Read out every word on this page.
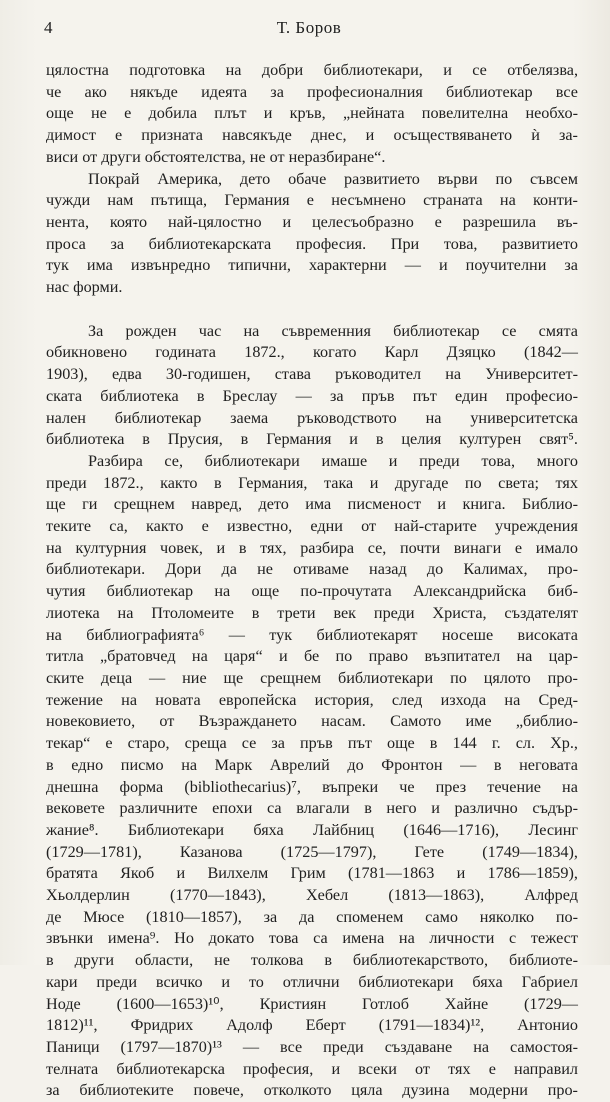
4	Т. Боров
цялостна подготовка на добри библиотекари, и се отбелязва,
че ако някъде идеята за професионалния библиотекар все
още не е добила плът и кръв, „нейната повелителна необхо-
димост е призната навсякъде днес, и осъществяването ѝ за-
виси
от
други
обстоятелства,
не
от
неразбиране“.
Покрай Америка, дето обаче развитието върви по съвсем
чужди нам пътища, Германия е несъмнено страната на конти-
нента, която най-цялостно и целесъобразно е разрешила въ-
проса за библиотекарската професия. При това, развитието
тук има извънредно типични, характерни — и поучителни за
нас
форми.
За рожден час на съвременния библиотекар се смята
обикновено годината 1872., когато Карл Дзяцко (1842—
1903), едва 30-годишен, става ръководител на Университет-
ската библиотека в Бреслау — за пръв път един професио-
нален библиотекар заема ръководството на университетска
библиотека в Прусия, в Германия и в целия културен свят⁵.
Разбира се, библиотекари имаше и преди това, много
преди 1872., както в Германия, така и другаде по света; тях
ще ги срещнем навред, дето има писменост и книга. Библио-
теките са, както е известно, едни от най-старите учреждения
на културния човек, и в тях, разбира се, почти винаги е имало
библиотекари. Дори да не отиваме назад до Калимах, про-
чутия библиотекар на още по-прочутата Александрийска биб-
лиотека на Птоломеите в трети век преди Христа, създателят
на библиографията⁶ — тук библиотекарят носеше високата
титла „братовчед на царя“ и бе по право възпитател на цар-
ските деца — ние ще срещнем библиотекари по цялото про-
тежение на новата европейска история, след изхода на Сред-
новековието, от Възраждането насам. Самото име „библио-
текар“ е старо, среща се за пръв път още в 144 г. сл. Хр.,
в едно писмо на Марк Аврелий до Фронтон — в неговата
днешна форма (bibliothecarius)⁷, въпреки че през течение на
вековете различните епохи са влагали в него и различно съдър-
жание⁸. Библиотекари бяха Лайбниц (1646—1716), Лесинг
(1729—1781), Казанова (1725—1797), Гете (1749—1834),
братята Якоб и Вилхелм Грим (1781—1863 и 1786—1859),
Хьолдерлин (1770—1843), Хебел (1813—1863), Алфред
де Мюсе (1810—1857), за да споменем само няколко по-
звънки имена⁹. Но докато това са имена на личности с тежест
в други области, не толкова в библиотекарството, библиоте-
кари преди всичко и то отлични библиотекари бяха Габриел
Ноде (1600—1653)¹⁰, Кристиян Готлоб Хайне (1729—
1812)¹¹, Фридрих Адолф Еберт (1791—1834)¹², Антонио
Паници (1797—1870)¹³ — все преди създаване на самостоя-
телната библиотекарска професия, и всеки от тях е направил
за библиотеките повече, отколкото цяла дузина модерни про-
